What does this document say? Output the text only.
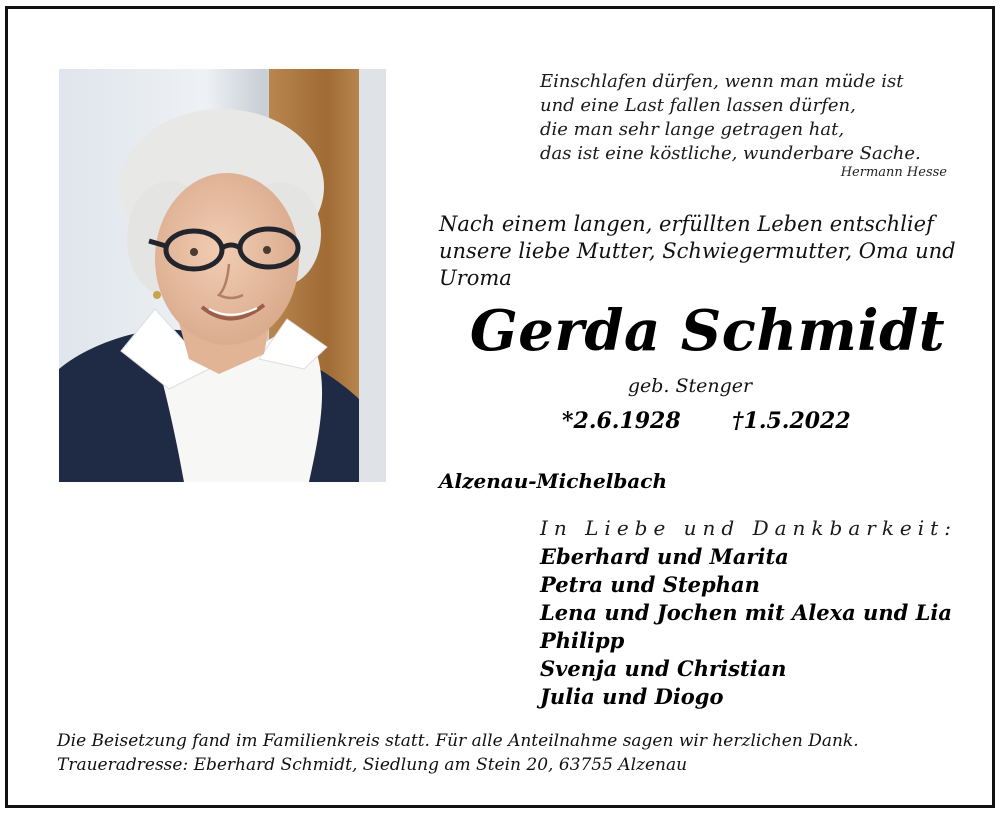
Einschlafen dürfen, wenn man müde ist
und eine Last fallen lassen dürfen,
die man sehr lange getragen hat,
das ist eine köstliche, wunderbare Sache.
Hermann Hesse
Nach einem langen, erfüllten Leben entschlief
unsere liebe Mutter, Schwiegermutter, Oma und
Uroma
Gerda Schmidt
geb. Stenger
*2.6.1928 †1.5.2022
Alzenau-Michelbach
In Liebe und Dankbarkeit:
Eberhard und Marita
Petra und Stephan
Lena und Jochen mit Alexa und Lia
Philipp
Svenja und Christian
Julia und Diogo
Die Beisetzung fand im Familienkreis statt. Für alle Anteilnahme sagen wir herzlichen Dank.
Traueradresse: Eberhard Schmidt, Siedlung am Stein 20, 63755 Alzenau
